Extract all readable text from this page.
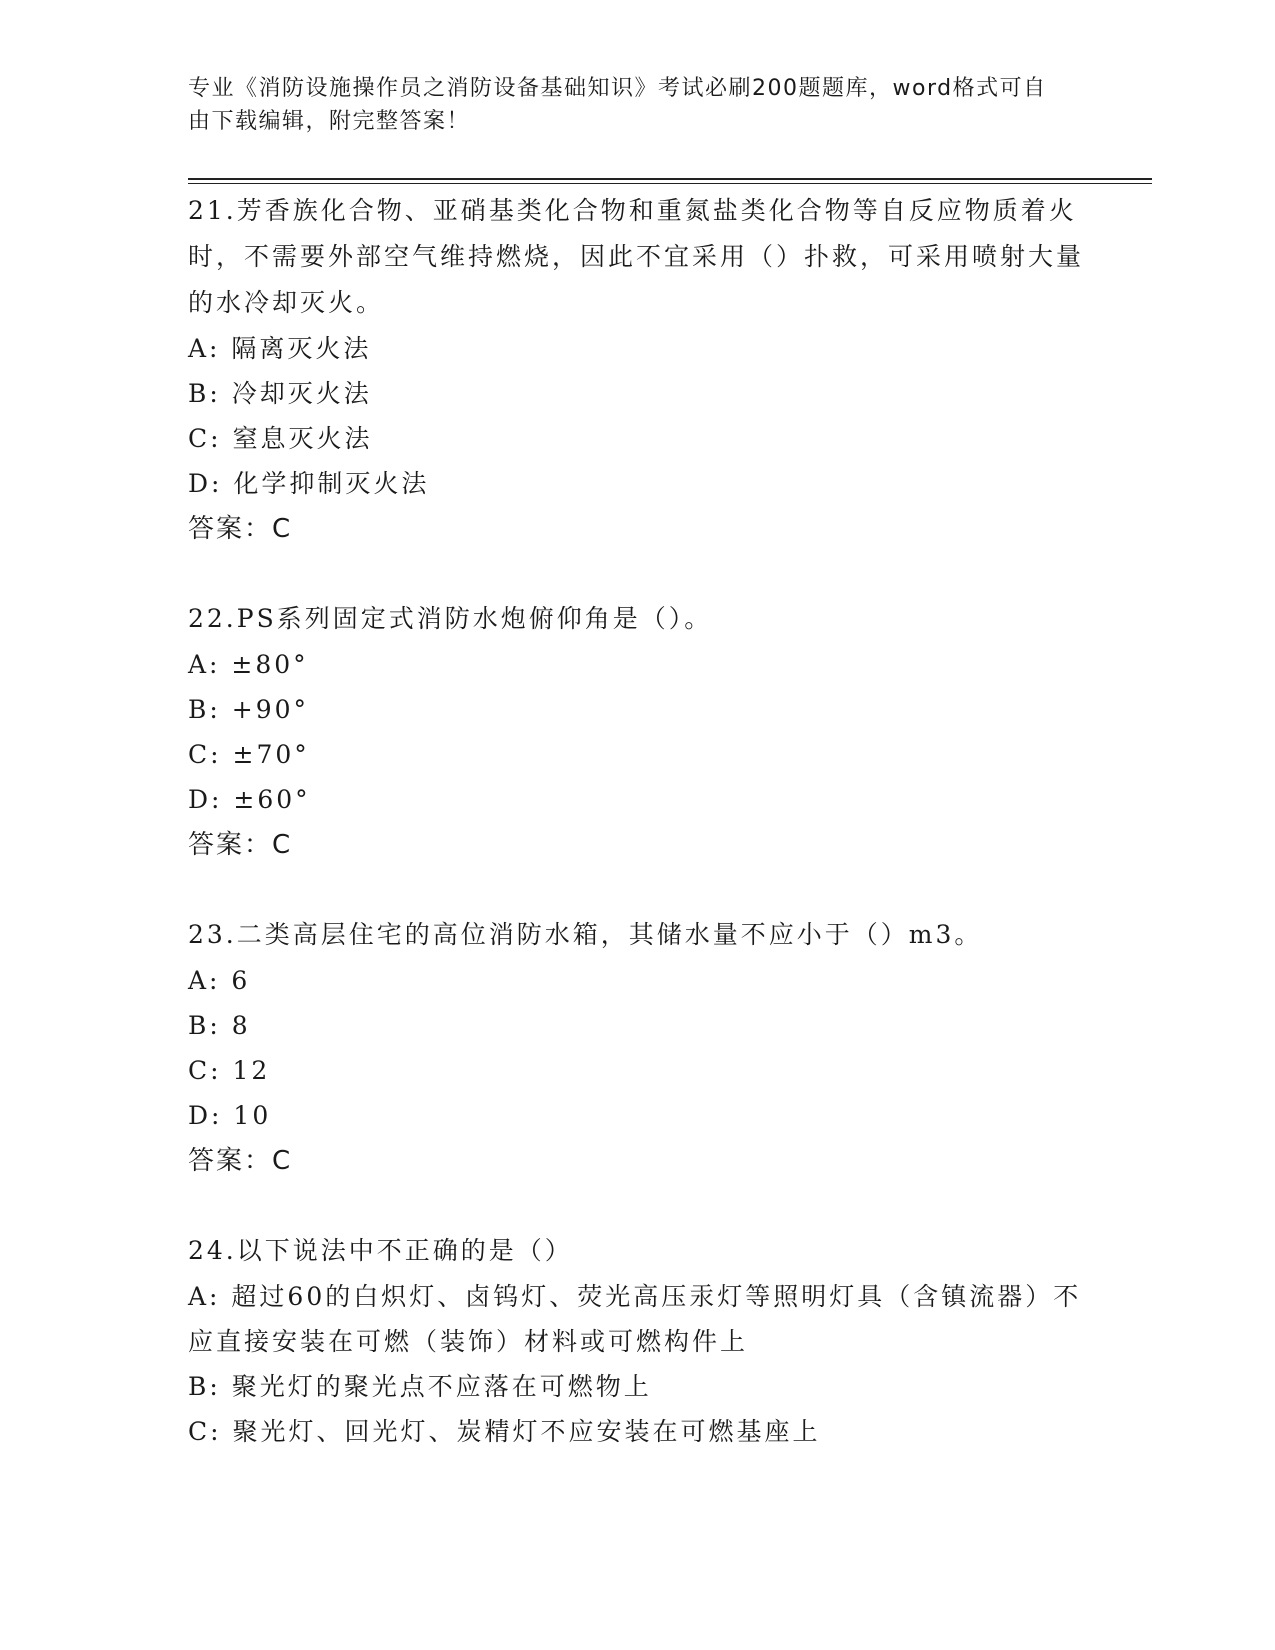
专业《消防设施操作员之消防设备基础知识》考试必刷200题题库，word格式可自由下载编辑，附完整答案！

21.芳香族化合物、亚硝基类化合物和重氮盐类化合物等自反应物质着火时，不需要外部空气维持燃烧，因此不宜采用（）扑救，可采用喷射大量的水冷却灭火。

A: 隔离灭火法

B: 冷却灭火法

C: 窒息灭火法

D: 化学抑制灭火法

答案：C

22.PS系列固定式消防水炮俯仰角是（）。

A: ±80°

B: +90°

C: ±70°

D: ±60°

答案：C

23.二类高层住宅的高位消防水箱，其储水量不应小于（）m3。

A: 6

B: 8

C: 12

D: 10

答案：C

24.以下说法中不正确的是（）

A: 超过60的白炽灯、卤钨灯、荧光高压汞灯等照明灯具（含镇流器）不应直接安装在可燃（装饰）材料或可燃构件上

B: 聚光灯的聚光点不应落在可燃物上

C: 聚光灯、回光灯、炭精灯不应安装在可燃基座上
